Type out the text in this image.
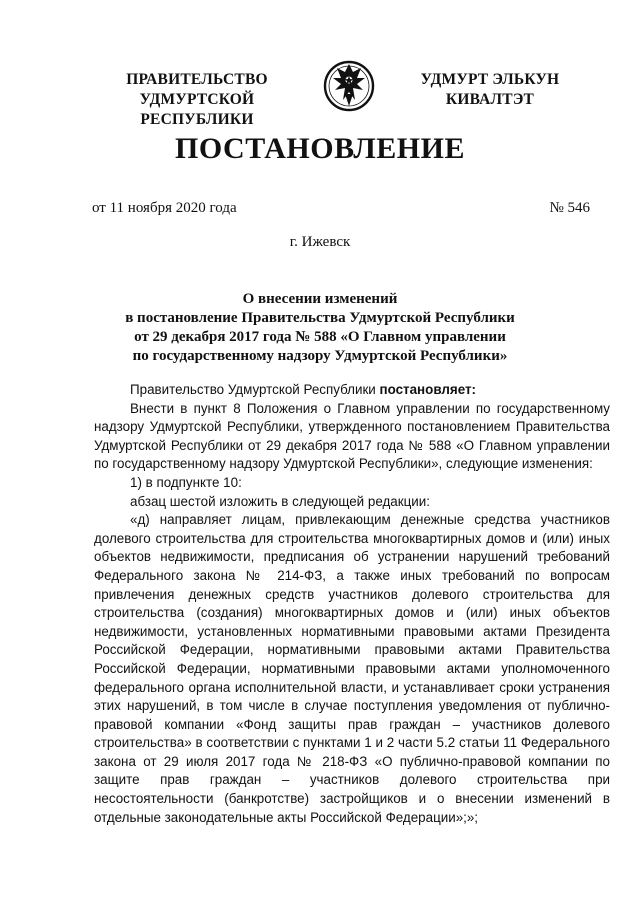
ПРАВИТЕЛЬСТВО
УДМУРТСКОЙ РЕСПУБЛИКИ
УДМУРТ ЭЛЬКУН
КИВАЛТЭТ
ПОСТАНОВЛЕНИЕ
от 11 ноября 2020 года	№ 546
г. Ижевск
О внесении изменений
в постановление Правительства Удмуртской Республики
от 29 декабря 2017 года № 588 «О Главном управлении
по государственному надзору Удмуртской Республики»

Правительство Удмуртской Республики постановляет:

Внести в пункт 8 Положения о Главном управлении по государственному надзору Удмуртской Республики, утвержденного постановлением Правительства Удмуртской Республики от 29 декабря 2017 года № 588 «О Главном управлении по государственному надзору Удмуртской Республики», следующие изменения:

1) в подпункте 10:

абзац шестой изложить в следующей редакции:

«д) направляет лицам, привлекающим денежные средства участников долевого строительства для строительства многоквартирных домов и (или) иных объектов недвижимости, предписания об устранении нарушений требований Федерального закона № 214-ФЗ, а также иных требований по вопросам привлечения денежных средств участников долевого строительства для строительства (создания) многоквартирных домов и (или) иных объектов недвижимости, установленных нормативными правовыми актами Президента Российской Федерации, нормативными правовыми актами Правительства Российской Федерации, нормативными правовыми актами уполномоченного федерального органа исполнительной власти, и устанавливает сроки устранения этих нарушений, в том числе в случае поступления уведомления от публично-правовой компании «Фонд защиты прав граждан – участников долевого строительства» в соответствии с пунктами 1 и 2 части 5.2 статьи 11 Федерального закона от 29 июля 2017 года № 218-ФЗ «О публично-правовой компании по защите прав граждан – участников долевого строительства при несостоятельности (банкротстве) застройщиков и о внесении изменений в отдельные законодательные акты Российской Федерации»;»;
